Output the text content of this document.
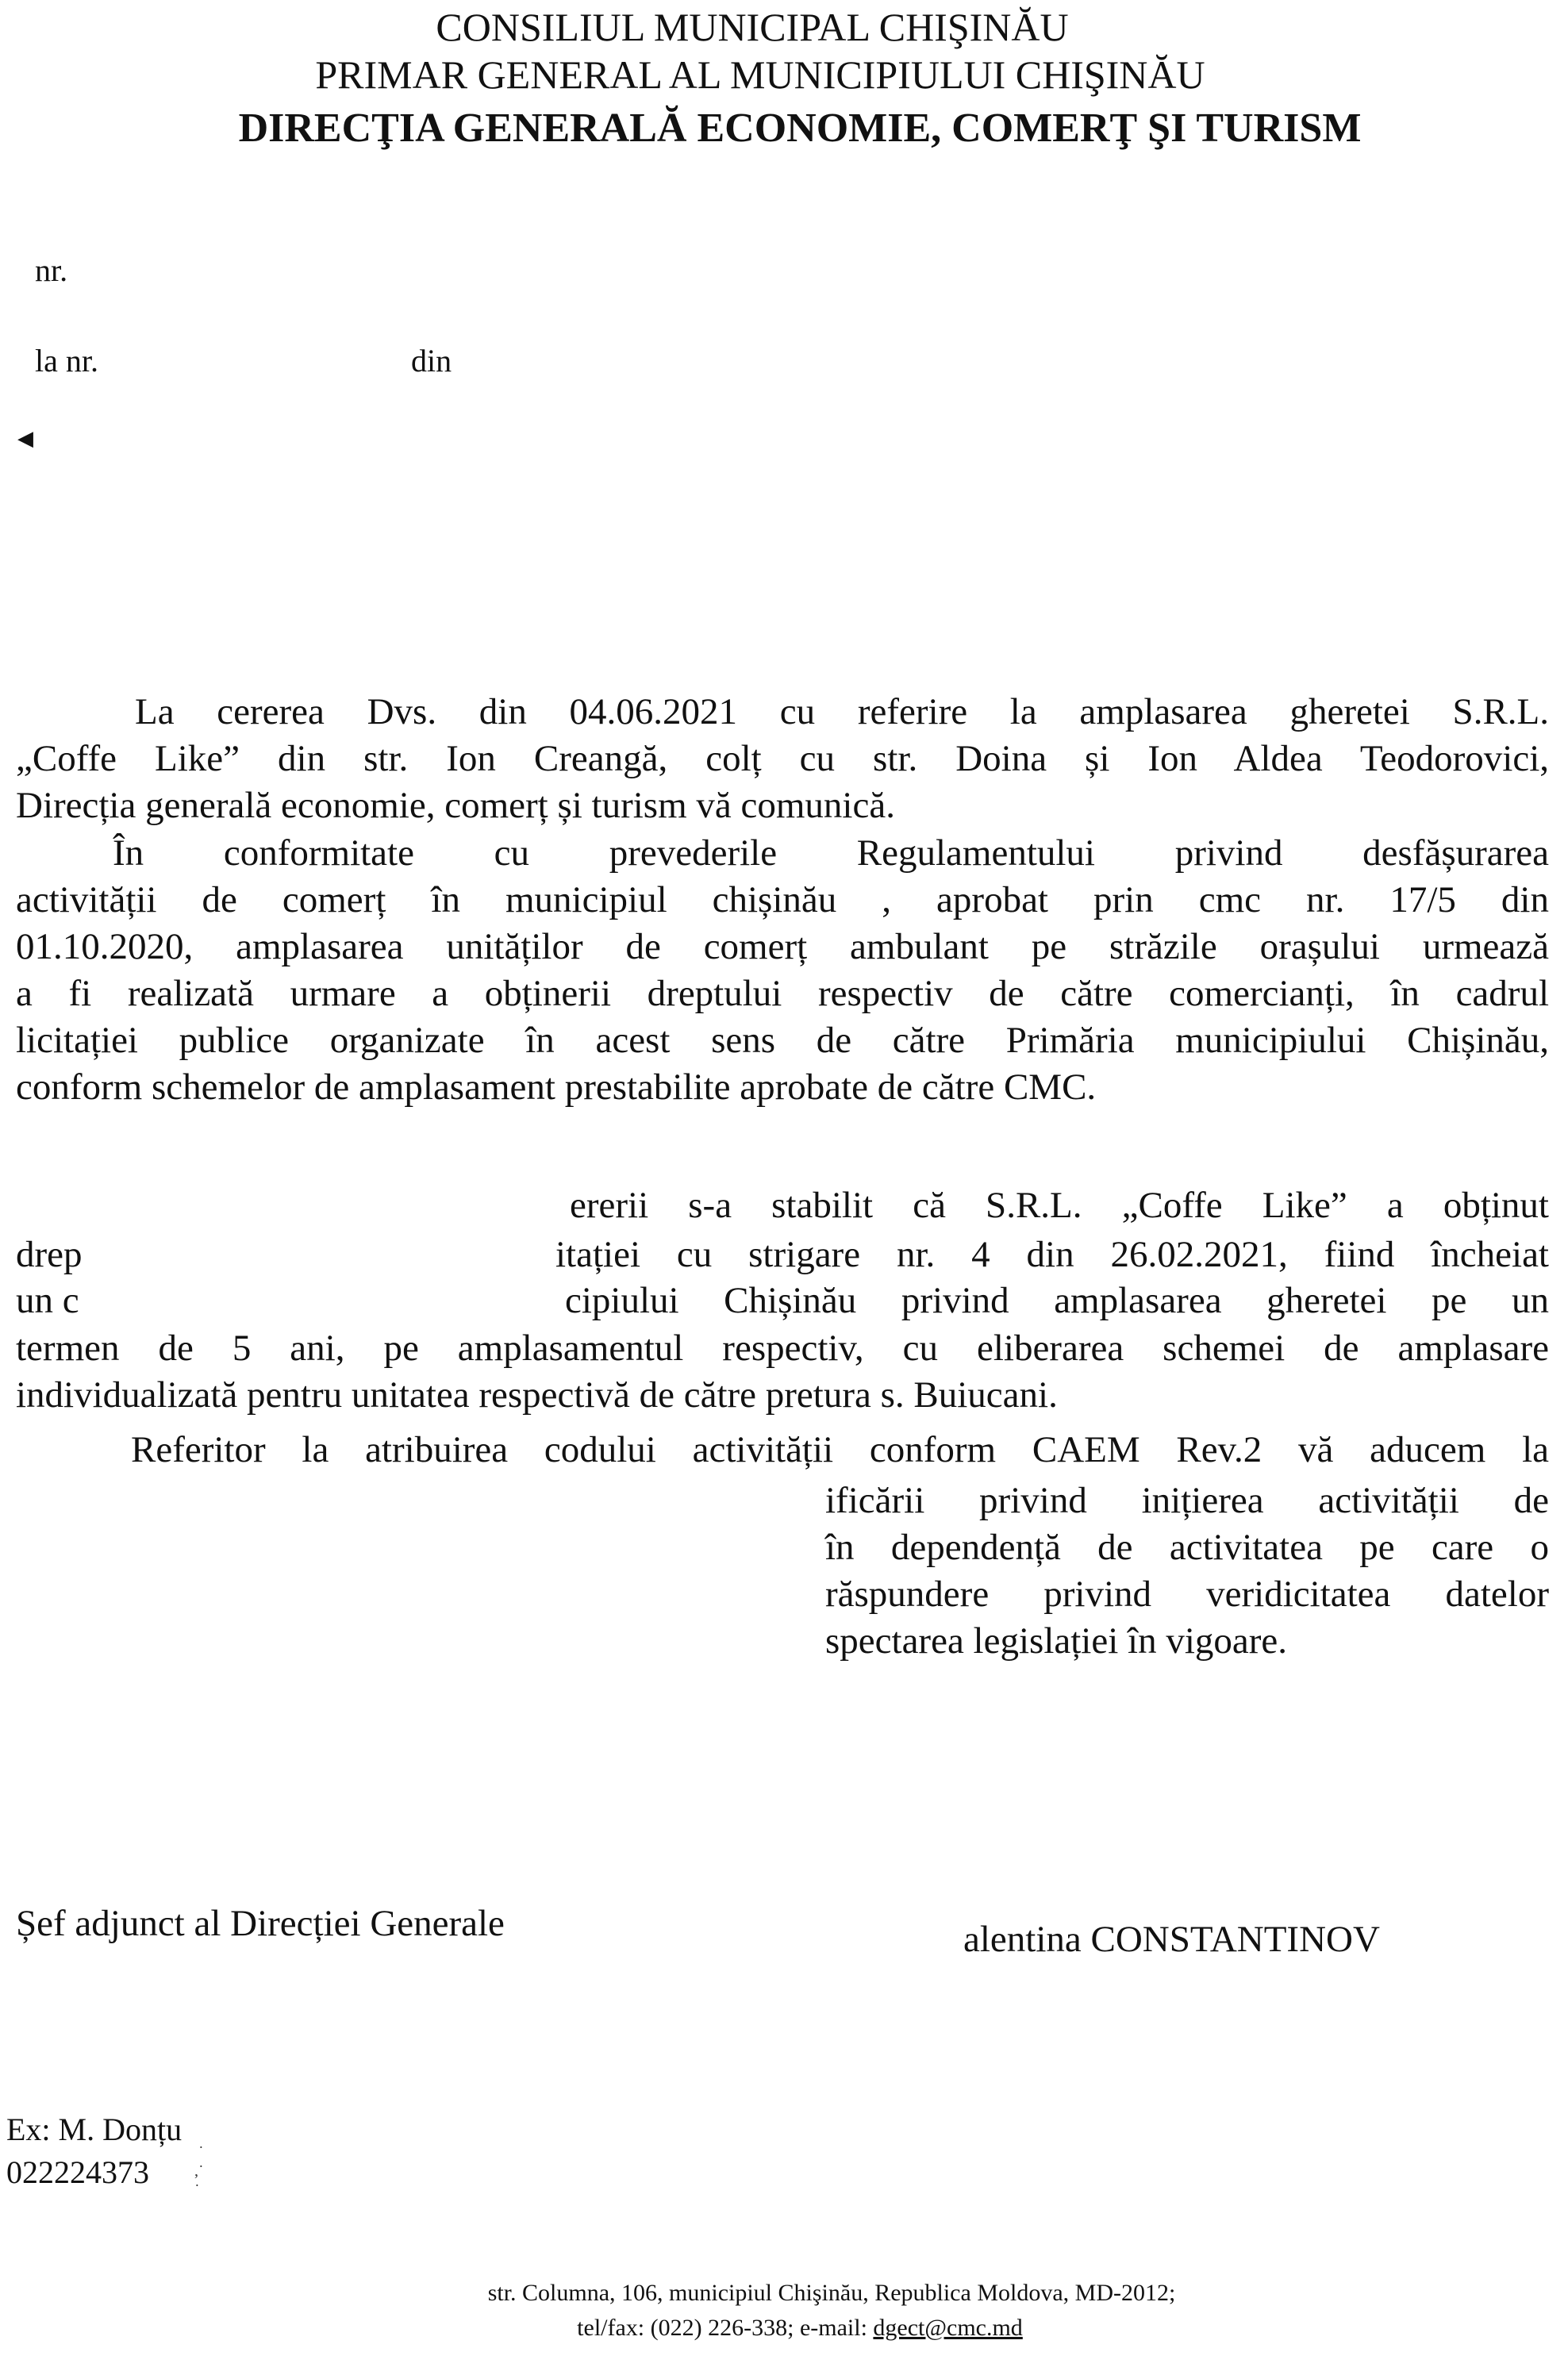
CONSILIUL MUNICIPAL CHIŞINĂU
PRIMAR GENERAL AL MUNICIPIULUI CHIŞINĂU
DIRECŢIA GENERALĂ ECONOMIE, COMERŢ ŞI TURISM
nr.
la nr.	din
◀
La cererea Dvs. din 04.06.2021 cu referire la amplasarea gheretei S.R.L.
„Coffe Like” din str. Ion Creangă, colț cu str. Doina și Ion Aldea Teodorovici,
Direcția generală economie, comerț și turism vă comunică.
În conformitate cu prevederile Regulamentului privind desfășurarea
activității de comerț în municipiul chișinău , aprobat prin cmc nr. 17/5 din
01.10.2020, amplasarea unităților de comerț ambulant pe străzile orașului urmează
a fi realizată urmare a obținerii dreptului respectiv de către comercianți, în cadrul
licitației publice organizate în acest sens de către Primăria municipiului Chișinău,
conform schemelor de amplasament prestabilite aprobate de către CMC.
ererii s-a stabilit că S.R.L. „Coffe Like” a obținut
drep	itației cu strigare nr. 4 din 26.02.2021, fiind încheiat
un c	cipiului Chișinău privind amplasarea gheretei pe un
termen de 5 ani, pe amplasamentul respectiv, cu eliberarea schemei de amplasare
individualizată pentru unitatea respectivă de către pretura s. Buiucani.
Referitor la atribuirea codului activității conform CAEM Rev.2 vă aducem la
ificării privind inițierea activității de
în dependență de activitatea pe care o
răspundere privind veridicitatea datelor
spectarea legislației în vigoare.
Șef adjunct al Direcției Generale	alentina CONSTANTINOV
Ex: M. Donțu
022224373
˙
,˙
˙
str. Columna, 106, municipiul Chişinău, Republica Moldova, MD-2012;
tel/fax: (022) 226-338; e-mail: dgect@cmc.md
